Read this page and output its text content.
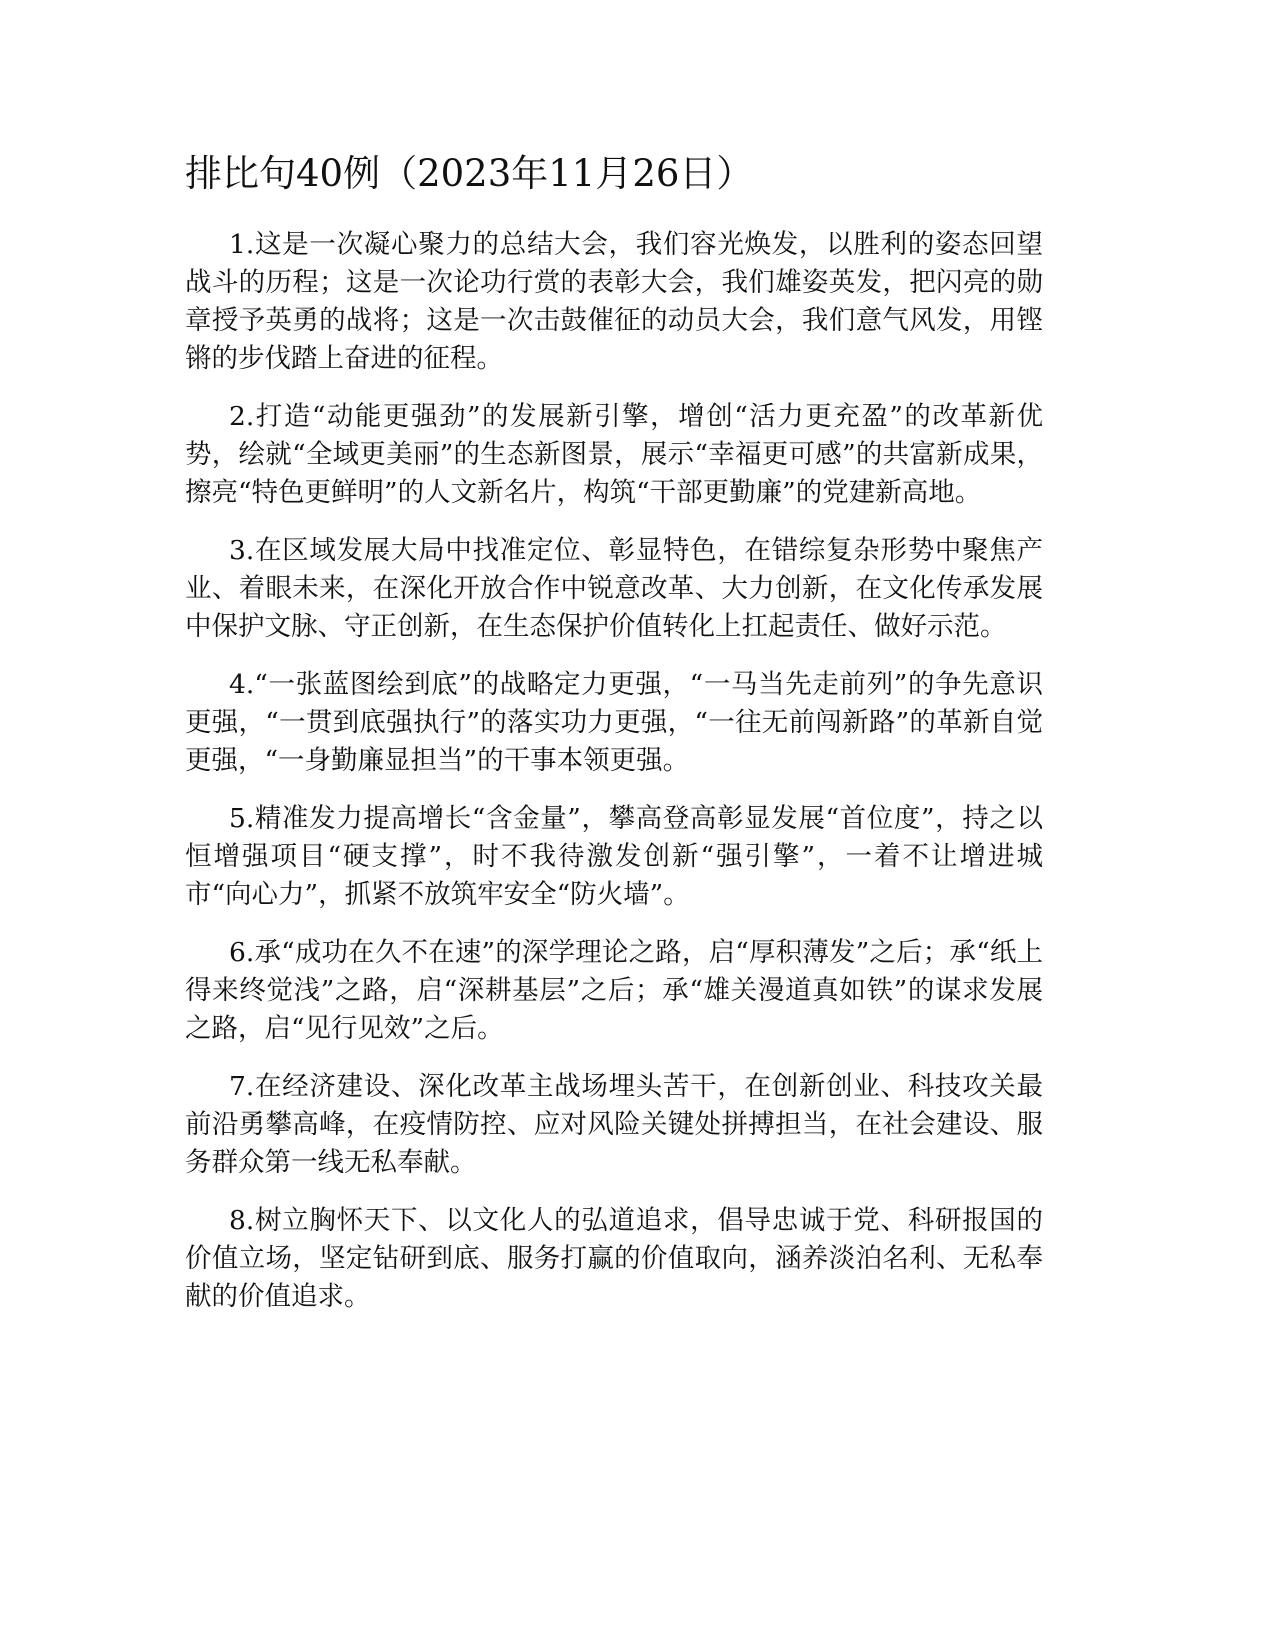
排比句40例（2023年11月26日）

1.这是一次凝心聚力的总结大会，我们容光焕发，以胜利的姿态回望战斗的历程；这是一次论功行赏的表彰大会，我们雄姿英发，把闪亮的勋章授予英勇的战将；这是一次击鼓催征的动员大会，我们意气风发，用铿锵的步伐踏上奋进的征程。

2.打造“动能更强劲”的发展新引擎，增创“活力更充盈”的改革新优势，绘就“全域更美丽”的生态新图景，展示“幸福更可感”的共富新成果，擦亮“特色更鲜明”的人文新名片，构筑“干部更勤廉”的党建新高地。

3.在区域发展大局中找准定位、彰显特色，在错综复杂形势中聚焦产业、着眼未来，在深化开放合作中锐意改革、大力创新，在文化传承发展中保护文脉、守正创新，在生态保护价值转化上扛起责任、做好示范。

4.“一张蓝图绘到底”的战略定力更强，“一马当先走前列”的争先意识更强，“一贯到底强执行”的落实功力更强，“一往无前闯新路”的革新自觉更强，“一身勤廉显担当”的干事本领更强。

5.精准发力提高增长“含金量”，攀高登高彰显发展“首位度”，持之以恒增强项目“硬支撑”，时不我待激发创新“强引擎”，一着不让增进城市“向心力”，抓紧不放筑牢安全“防火墙”。

6.承“成功在久不在速”的深学理论之路，启“厚积薄发”之后；承“纸上得来终觉浅”之路，启“深耕基层”之后；承“雄关漫道真如铁”的谋求发展之路，启“见行见效”之后。

7.在经济建设、深化改革主战场埋头苦干，在创新创业、科技攻关最前沿勇攀高峰，在疫情防控、应对风险关键处拼搏担当，在社会建设、服务群众第一线无私奉献。

8.树立胸怀天下、以文化人的弘道追求，倡导忠诚于党、科研报国的价值立场，坚定钻研到底、服务打赢的价值取向，涵养淡泊名利、无私奉献的价值追求。
